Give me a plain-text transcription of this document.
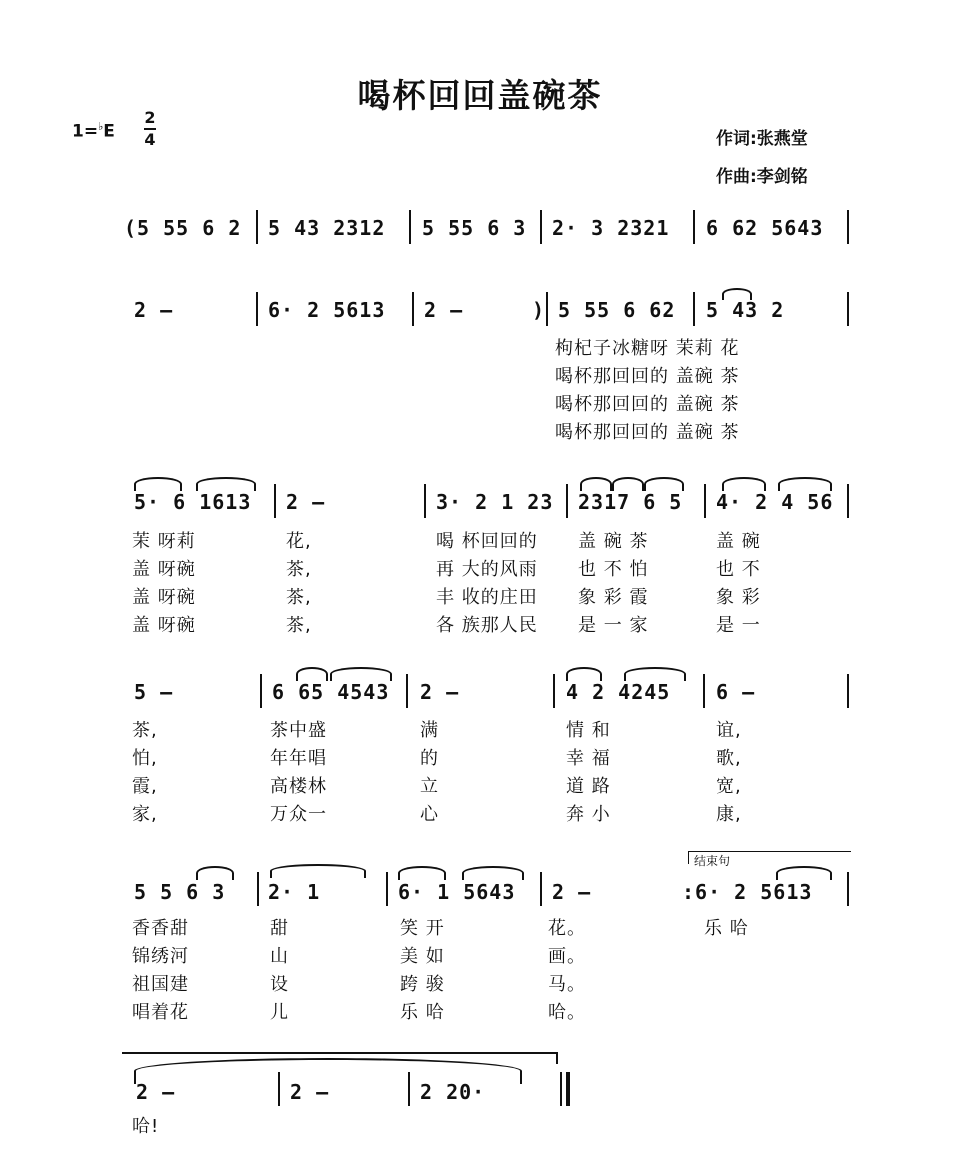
喝杯回回盖碗茶
1=♭E
2
4	作词:张燕堂
作曲:李剑铭
(5 55 6 2 5 43 2312 5 55 6 3 2· 3 2321 6 62 5643
2 –	6· 2 5613 2 –	) 5 55 6 62 5 43 2
枸杞子冰糖呀 茉莉 花
喝杯那回回的 盖碗 茶
喝杯那回回的 盖碗 茶
喝杯那回回的 盖碗 茶
5· 6 1613 2 –	3· 2 1 23 2317 6 5 4· 2 4 56
茉 呀莉	花,	喝 杯回回的 盖 碗 茶	盖 碗
盖 呀碗	茶,	再 大的风雨 也 不 怕	也 不
盖 呀碗	茶,	丰 收的庄田 象 彩 霞	象 彩
盖 呀碗	茶,	各 族那人民 是 一 家	是 一
5 –	6 65 4543 2 –	4 2 4245 6 –
茶,	茶中盛	满	情 和	谊,
怕,	年年唱	的	幸 福	歌,
霞,	高楼林	立	道 路	宽,
家,	万众一	心	奔 小	康,
结束句
5 5 6 3 2· 1	6· 1 5643 2 –	:6· 2 5613
香香甜	甜	笑 开	花。	乐 哈
锦绣河	山	美 如	画。
祖国建	设	跨 骏	马。
唱着花	儿	乐 哈	哈。
2 –	2 –	2 20·
哈!
